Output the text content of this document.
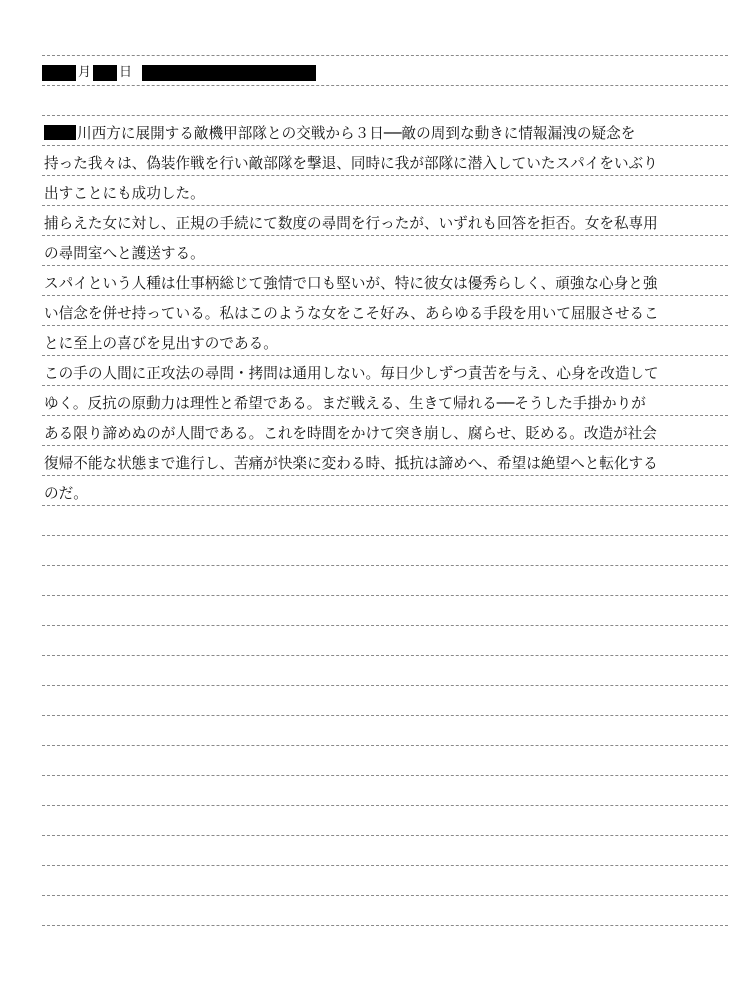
月 日
川西方に展開する敵機甲部隊との交戦から３日──敵の周到な動きに情報漏洩の疑念を
持った我々は、偽装作戦を行い敵部隊を撃退、同時に我が部隊に潜入していたスパイをいぶり
出すことにも成功した。
捕らえた女に対し、正規の手続にて数度の尋問を行ったが、いずれも回答を拒否。女を私専用
の尋問室へと護送する。
スパイという人種は仕事柄総じて強情で口も堅いが、特に彼女は優秀らしく、頑強な心身と強
い信念を併せ持っている。私はこのような女をこそ好み、あらゆる手段を用いて屈服させるこ
とに至上の喜びを見出すのである。
この手の人間に正攻法の尋問・拷問は通用しない。毎日少しずつ責苦を与え、心身を改造して
ゆく。反抗の原動力は理性と希望である。まだ戦える、生きて帰れる──そうした手掛かりが
ある限り諦めぬのが人間である。これを時間をかけて突き崩し、腐らせ、貶める。改造が社会
復帰不能な状態まで進行し、苦痛が快楽に変わる時、抵抗は諦めへ、希望は絶望へと転化する
のだ。
